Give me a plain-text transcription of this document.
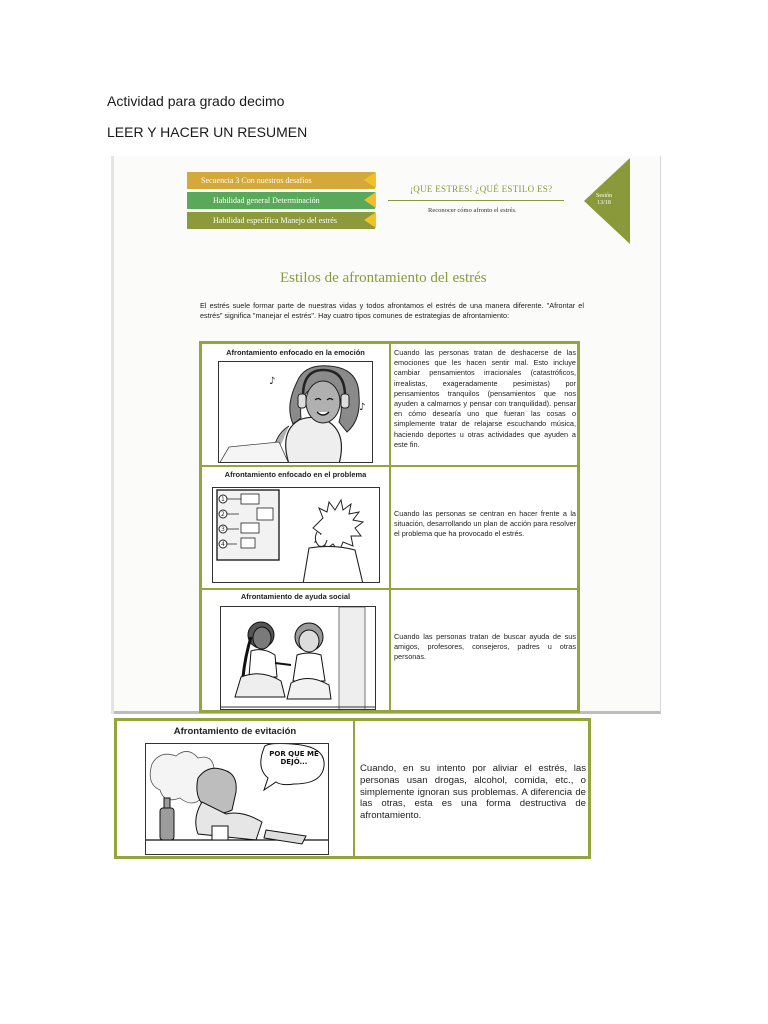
Actividad para grado decimo
LEER Y HACER UN RESUMEN
Secuencia 3 Con nuestros desafíos
Habilidad general Determinación
Habilidad específica Manejo del estrés
¡QUE ESTRES! ¿QUÉ ESTILO ES?
Reconocer cómo afronto el estrés.
Sesión 13/18
Estilos de afrontamiento del estrés
El estrés suele formar parte de nuestras vidas y todos afrontamos el estrés de una manera diferente. "Afrontar el estrés" significa "manejar el estrés". Hay cuatro tipos comunes de estrategias de afrontamiento:
Afrontamiento enfocado en la emoción
♪
♪
Cuando las personas tratan de deshacerse de las emociones que les hacen sentir mal. Esto incluye cambiar pensamientos irracionales (catastróficos, irrealistas, exageradamente pesimistas) por pensamientos tranquilos (pensamientos que nos ayuden a calmarnos y pensar con tranquilidad). pensar en cómo desearía uno que fueran las cosas o simplemente tratar de relajarse escuchando música, haciendo deportes u otras actividades que ayuden a este fin.
Afrontamiento enfocado en el problema
1
2
3
4
Cuando las personas se centran en hacer frente a la situación, desarrollando un plan de acción para resolver el problema que ha provocado el estrés.
Afrontamiento de ayuda social
Cuando las personas tratan de buscar ayuda de sus amigos, profesores, consejeros, padres u otras personas.
Afrontamiento de evitación
POR QUÉ ME DEJÓ...
Cuando, en su intento por aliviar el estrés, las personas usan drogas, alcohol, comida, etc., o simplemente ignoran sus problemas. A diferencia de las otras, esta es una forma destructiva de afrontamiento.
